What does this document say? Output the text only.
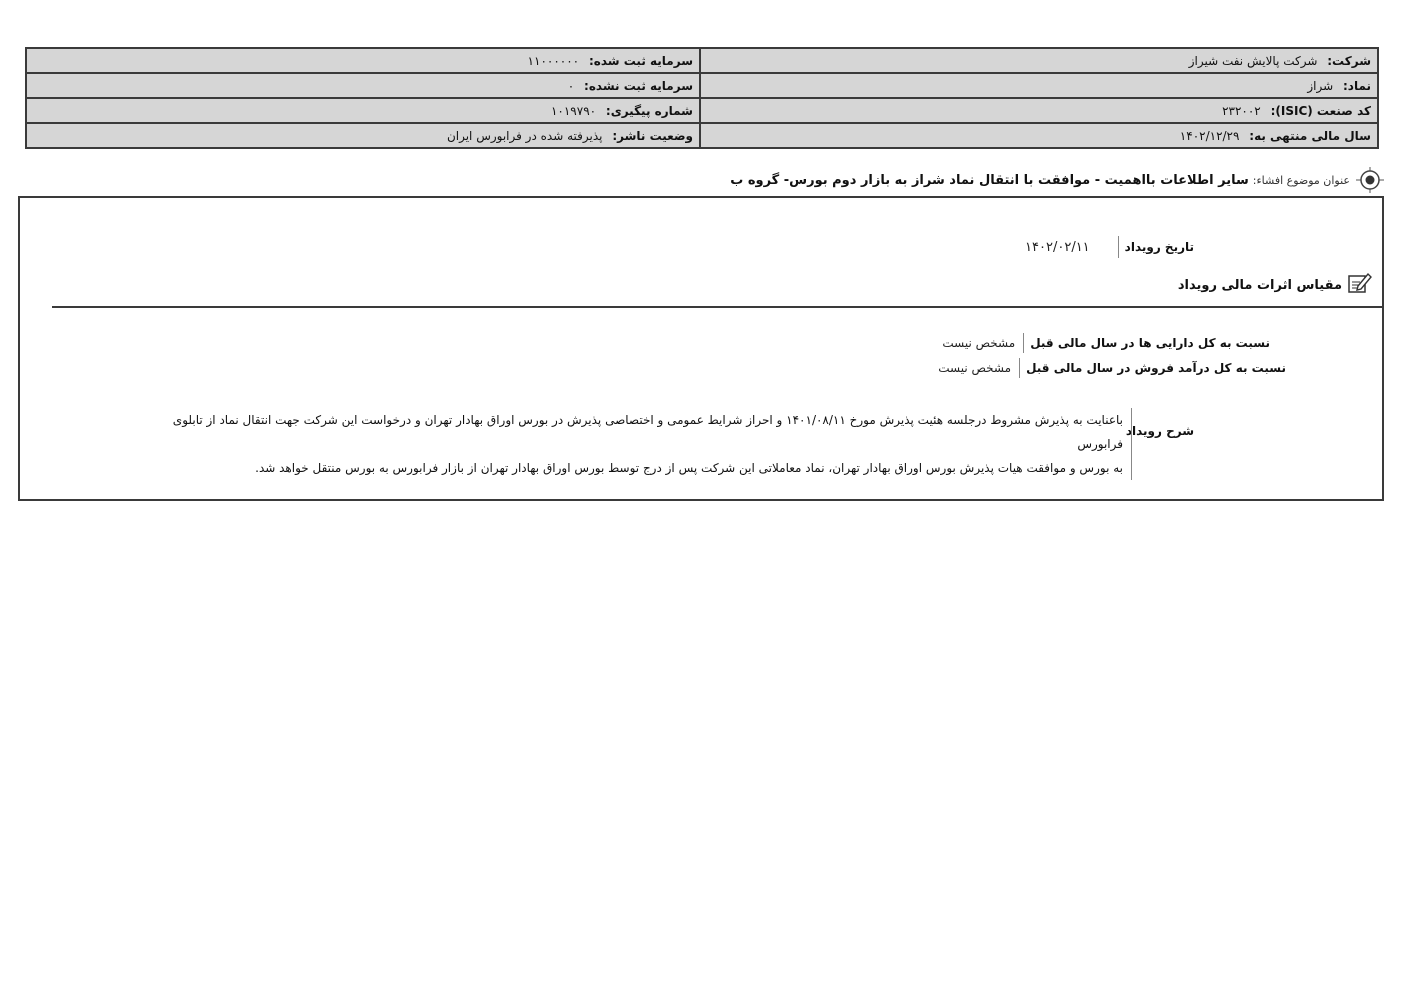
شرکت: شرکت پالایش نفت شیراز	سرمایه ثبت شده: ۱۱۰۰۰۰۰۰
نماد: شراز	سرمایه ثبت نشده: ۰
کد صنعت (ISIC): ۲۳۲۰۰۲	شماره پیگیری: ۱۰۱۹۷۹۰
سال مالی منتهی به: ۱۴۰۲/۱۲/۲۹	وضعیت ناشر: پذیرفته شده در فرابورس ایران
عنوان موضوع افشاء:
سایر اطلاعات بااهمیت - موافقت با انتقال نماد شراز به بازار دوم بورس- گروه ب
تاریخ رویداد
۱۴۰۲/۰۲/۱۱
مقیاس اثرات مالی رویداد
نسبت به کل دارایی ها در سال مالی قبل
مشخص نیست
نسبت به کل درآمد فروش در سال مالی قبل
مشخص نیست
شرح رویداد
باعنایت به پذیرش مشروط درجلسه هئیت پذیرش مورخ ۱۴۰۱/۰۸/۱۱ و احراز شرایط عمومی و اختصاصی پذیرش در بورس اوراق بهادار تهران و درخواست این شرکت جهت انتقال نماد از تابلوی فرابورس
به بورس و موافقت هیات پذیرش بورس اوراق بهادار تهران، نماد معاملاتی این شرکت پس از درج توسط بورس اوراق بهادار تهران از بازار فرابورس به بورس منتقل خواهد شد.
